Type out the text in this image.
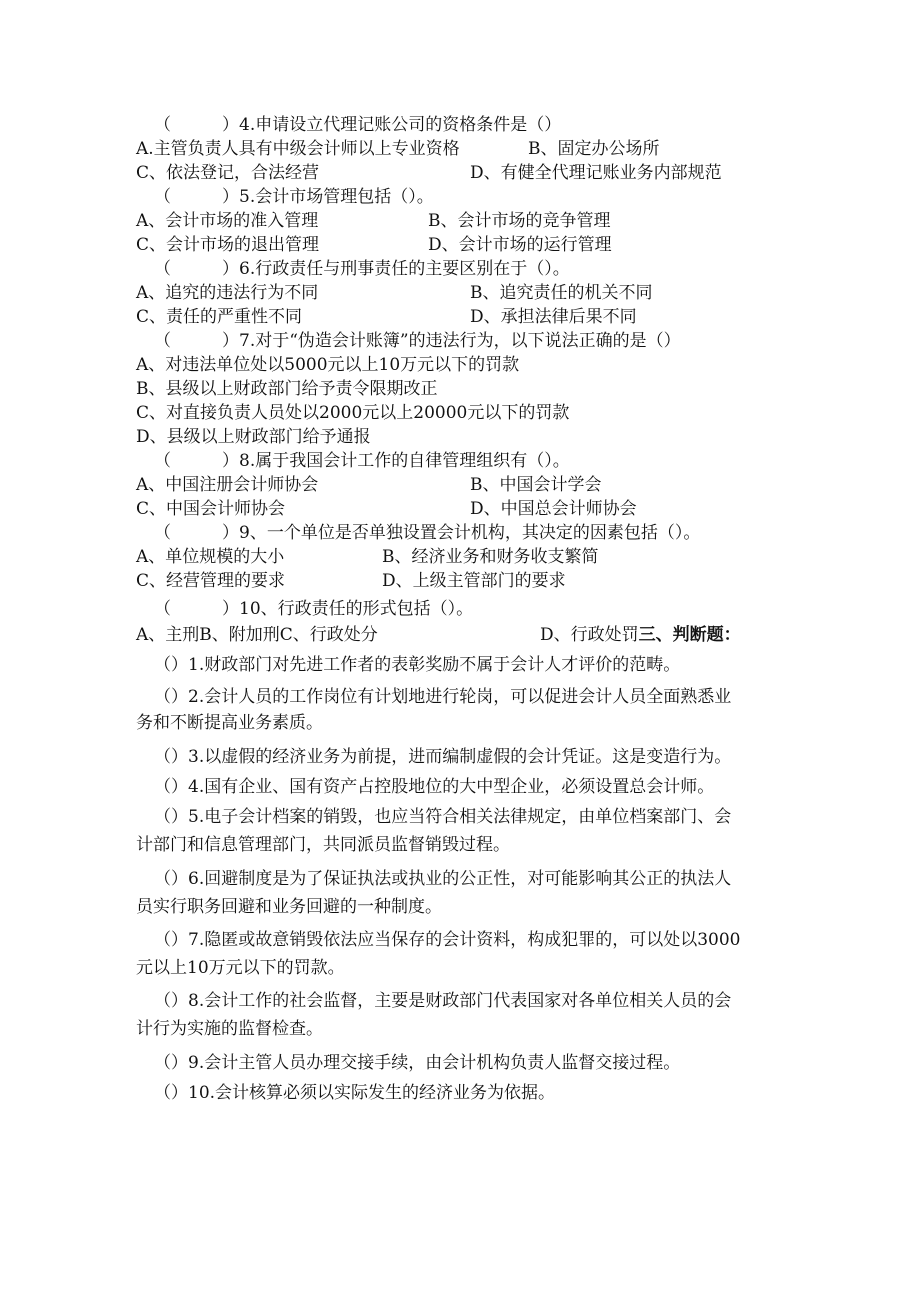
（　　　）4.申请设立代理记账公司的资格条件是（）
A.主管负责人具有中级会计师以上专业资格	B、固定办公场所
C、依法登记，合法经营	D、有健全代理记账业务内部规范
（　　　）5.会计市场管理包括（）。
A、会计市场的准入管理	B、会计市场的竞争管理
C、会计市场的退出管理	D、会计市场的运行管理
（　　　）6.行政责任与刑事责任的主要区别在于（）。
A、追究的违法行为不同	B、追究责任的机关不同
C、责任的严重性不同	D、承担法律后果不同
（　　　）7.对于“伪造会计账簿”的违法行为，以下说法正确的是（）
A、对违法单位处以5000元以上10万元以下的罚款
B、县级以上财政部门给予责令限期改正
C、对直接负责人员处以2000元以上20000元以下的罚款
D、县级以上财政部门给予通报
（　　　）8.属于我国会计工作的自律管理组织有（）。
A、中国注册会计师协会	B、中国会计学会
C、中国会计师协会	D、中国总会计师协会
（　　　）9、一个单位是否单独设置会计机构，其决定的因素包括（）。
A、单位规模的大小	B、经济业务和财务收支繁简
C、经营管理的要求	D、上级主管部门的要求
（　　　）10、行政责任的形式包括（）。
A、主刑B、附加刑C、行政处分	D、行政处罚三、判断题：
（）1.财政部门对先进工作者的表彰奖励不属于会计人才评价的范畴。
（）2.会计人员的工作岗位有计划地进行轮岗，可以促进会计人员全面熟悉业
务和不断提高业务素质。
（）3.以虚假的经济业务为前提，进而编制虚假的会计凭证。这是变造行为。
（）4.国有企业、国有资产占控股地位的大中型企业，必须设置总会计师。
（）5.电子会计档案的销毁，也应当符合相关法律规定，由单位档案部门、会
计部门和信息管理部门，共同派员监督销毁过程。
（）6.回避制度是为了保证执法或执业的公正性，对可能影响其公正的执法人
员实行职务回避和业务回避的一种制度。
（）7.隐匿或故意销毁依法应当保存的会计资料，构成犯罪的，可以处以3000
元以上10万元以下的罚款。
（）8.会计工作的社会监督，主要是财政部门代表国家对各单位相关人员的会
计行为实施的监督检查。
（）9.会计主管人员办理交接手续，由会计机构负责人监督交接过程。
（）10.会计核算必须以实际发生的经济业务为依据。
